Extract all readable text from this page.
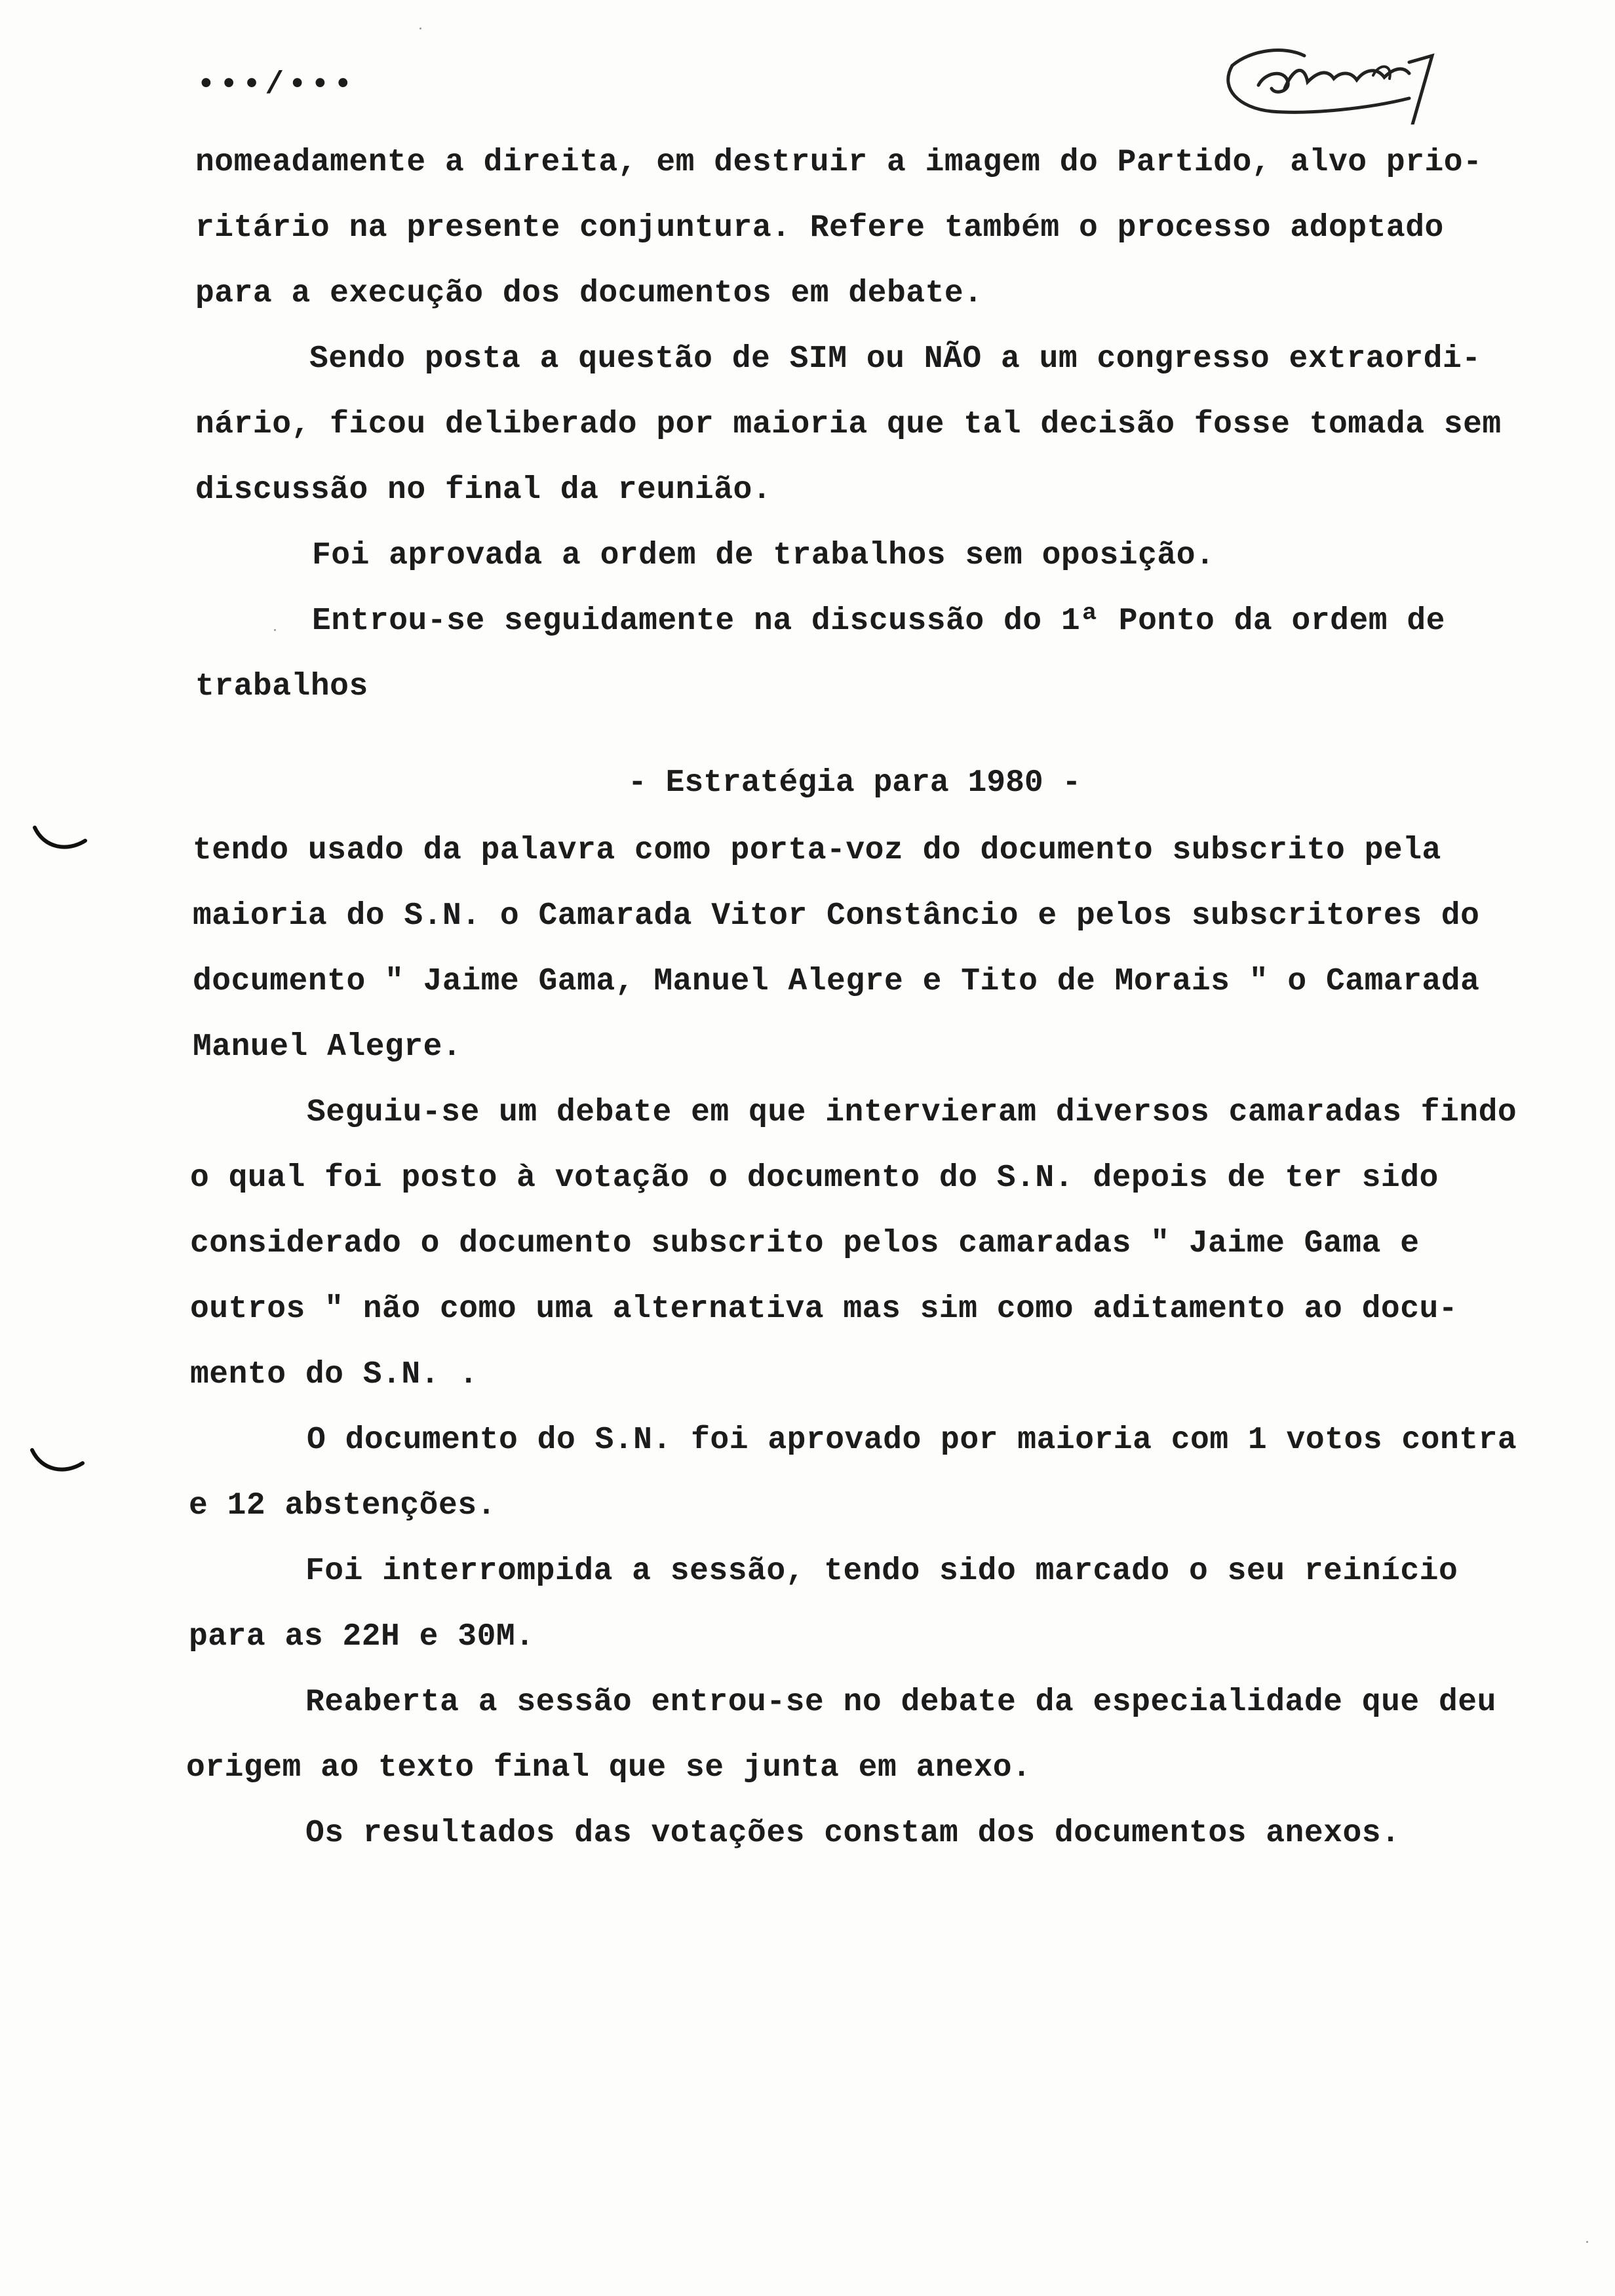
•••/•••

nomeadamente a direita, em destruir a imagem do Partido, alvo prio-

ritário na presente conjuntura. Refere também o processo adoptado

para a execução dos documentos em debate.

Sendo posta a questão de SIM ou NÃO a um congresso extraordi-

nário, ficou deliberado por maioria que tal decisão fosse tomada sem

discussão no final da reunião.

Foi aprovada a ordem de trabalhos sem oposição.

Entrou-se seguidamente na discussão do 1ª Ponto da ordem de

trabalhos

- Estratégia para 1980 -

tendo usado da palavra como porta-voz do documento subscrito pela

maioria do S.N. o Camarada Vitor Constâncio e pelos subscritores do

documento " Jaime Gama, Manuel Alegre e Tito de Morais " o Camarada

Manuel Alegre.

Seguiu-se um debate em que intervieram diversos camaradas findo

o qual foi posto à votação o documento do S.N. depois de ter sido

considerado o documento subscrito pelos camaradas " Jaime Gama e

outros " não como uma alternativa mas sim como aditamento ao docu-

mento do S.N. .

O documento do S.N. foi aprovado por maioria com 1 votos contra

e 12 abstenções.

Foi interrompida a sessão, tendo sido marcado o seu reinício

para as 22H e 30M.

Reaberta a sessão entrou-se no debate da especialidade que deu

origem ao texto final que se junta em anexo.

Os resultados das votações constam dos documentos anexos.
